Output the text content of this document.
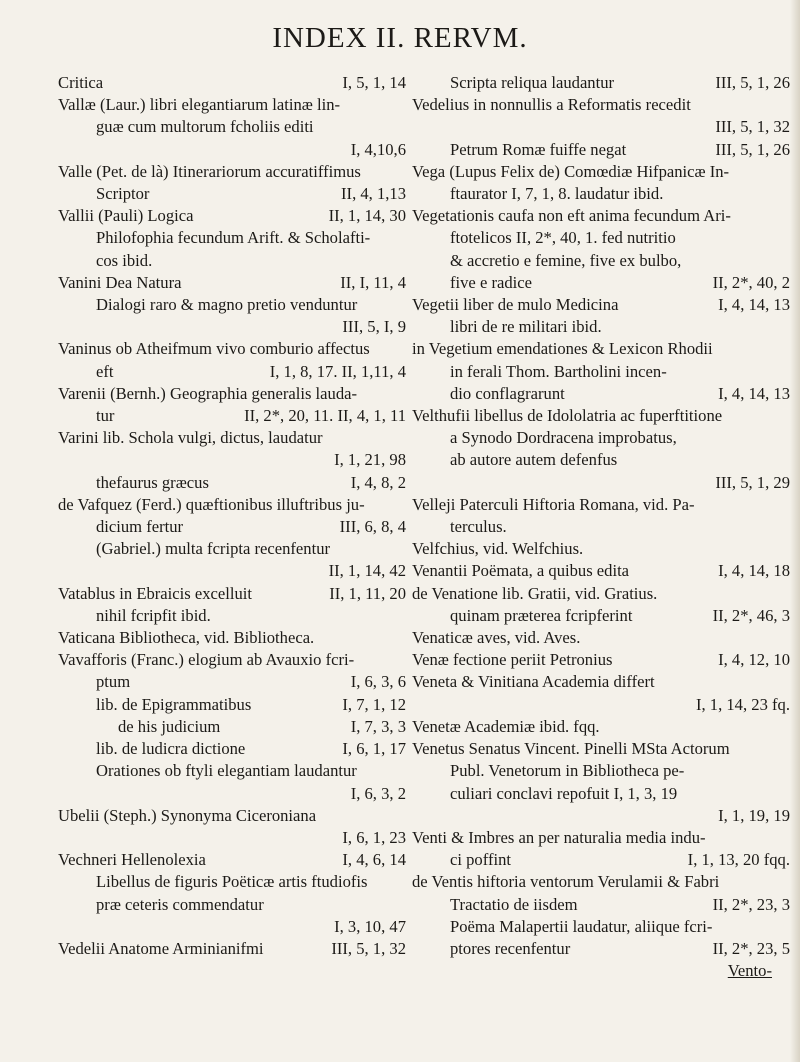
INDEX II. RERVM.
I, 5, 1, 14
Critica
Vallæ (Laur.) libri elegantiarum latinæ lin-
guæ cum multorum fcholiis editi
I, 4,10,6

Valle (Pet. de là) Itinerariorum accuratiffimus
II, 4, 1,13
Scriptor
II, 1, 14, 30
Vallii (Pauli) Logica
Philofophia fecundum Arift. & Scholafti-
cos ibid.
II, I, 11, 4
Vanini Dea Natura
Dialogi raro & magno pretio venduntur
III, 5, I, 9

Vaninus ob Atheifmum vivo comburio affectus
I, 1, 8, 17. II, 1,11, 4
eft
Varenii (Bernh.) Geographia generalis lauda-
II, 2*, 20, 11. II, 4, 1, 11
tur
Varini lib. Schola vulgi, dictus, laudatur
I, 1, 21, 98

I, 4, 8, 2
thefaurus græcus
de Vafquez (Ferd.) quæftionibus illuftribus ju-
III, 6, 8, 4
dicium fertur
(Gabriel.) multa fcripta recenfentur
II, 1, 14, 42

II, 1, 11, 20
Vatablus in Ebraicis excelluit
nihil fcripfit ibid.
Vaticana Bibliotheca, vid. Bibliotheca.
Vavafforis (Franc.) elogium ab Avauxio fcri-
I, 6, 3, 6
ptum
I, 7, 1, 12
lib. de Epigrammatibus
I, 7, 3, 3
de his judicium
I, 6, 1, 17
lib. de ludicra dictione
Orationes ob ftyli elegantiam laudantur
I, 6, 3, 2

Ubelii (Steph.) Synonyma Ciceroniana
I, 6, 1, 23

I, 4, 6, 14
Vechneri Hellenolexia
Libellus de figuris Poëticæ artis ftudiofis
præ ceteris commendatur
I, 3, 10, 47

III, 5, 1, 32
Vedelii Anatome Arminianifmi
III, 5, 1, 26
Scripta reliqua laudantur
Vedelius in nonnullis a Reformatis recedit
III, 5, 1, 32

III, 5, 1, 26
Petrum Romæ fuiffe negat
Vega (Lupus Felix de) Comœdiæ Hifpanicæ In-
ftaurator I, 7, 1, 8. laudatur ibid.
Vegetationis caufa non eft anima fecundum Ari-
ftotelicos II, 2*, 40, 1. fed nutritio
& accretio e femine, five ex bulbo,
II, 2*, 40, 2
five e radice
I, 4, 14, 13
Vegetii liber de mulo Medicina
libri de re militari ibid.
in Vegetium emendationes & Lexicon Rhodii
in ferali Thom. Bartholini incen-
I, 4, 14, 13
dio conflagrarunt
Velthufii libellus de Idololatria ac fuperftitione
a Synodo Dordracena improbatus,
ab autore autem defenfus
III, 5, 1, 29

Velleji Paterculi Hiftoria Romana, vid. Pa-
terculus.
Velfchius, vid. Welfchius.
I, 4, 14, 18
Venantii Poëmata, a quibus edita
de Venatione lib. Gratii, vid. Gratius.
II, 2*, 46, 3
quinam præterea fcripferint
Venaticæ aves, vid. Aves.
I, 4, 12, 10
Venæ fectione periit Petronius
Veneta & Vinitiana Academia differt
I, 1, 14, 23 fq.

Venetæ Academiæ ibid. fqq.
Venetus Senatus Vincent. Pinelli MSta Actorum
Publ. Venetorum in Bibliotheca pe-
culiari conclavi repofuit I, 1, 3, 19
I, 1, 19, 19

Venti & Imbres an per naturalia media indu-
I, 1, 13, 20 fqq.
ci poffint
de Ventis hiftoria ventorum Verulamii & Fabri
II, 2*, 23, 3
Tractatio de iisdem
Poëma Malapertii laudatur, aliique fcri-
II, 2*, 23, 5
ptores recenfentur
Vento-
